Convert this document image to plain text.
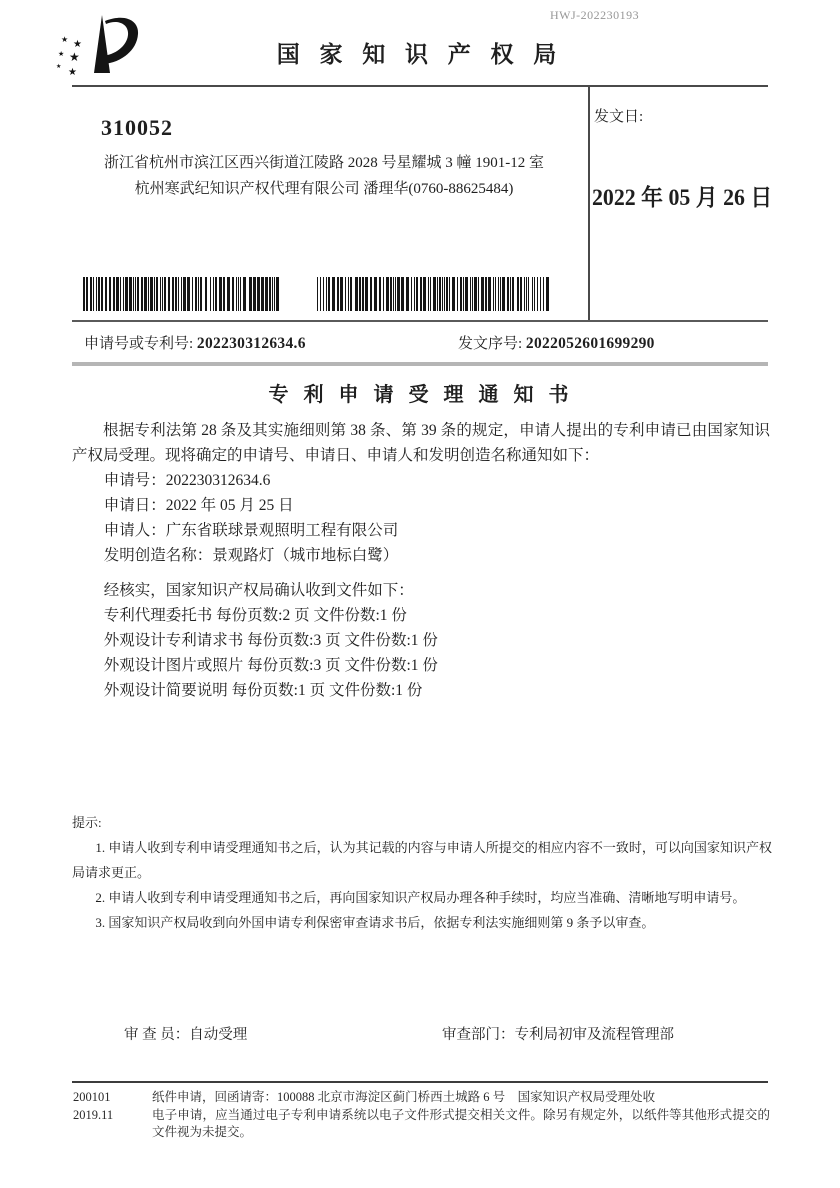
HWJ-202230193
★ ★
★ ★
★ ★
国 家 知 识 产 权 局
310052
浙江省杭州市滨江区西兴街道江陵路 2028 号星耀城 3 幢 1901-12 室
杭州寒武纪知识产权代理有限公司 潘理华(0760-88625484)
发文日:
2022 年 05 月 26 日
申请号或专利号: 202230312634.6	发文序号: 2022052601699290
专 利 申 请 受 理 通 知 书

根据专利法第 28 条及其实施细则第 38 条、第 39 条的规定，申请人提出的专利申请已由国家知识产权局受理。现将确定的申请号、申请日、申请人和发明创造名称通知如下：

申请号：202230312634.6
申请日：2022 年 05 月 25 日
申请人：广东省联球景观照明工程有限公司
发明创造名称：景观路灯（城市地标白鹭）
经核实，国家知识产权局确认收到文件如下：
专利代理委托书 每份页数:2 页 文件份数:1 份
外观设计专利请求书 每份页数:3 页 文件份数:1 份
外观设计图片或照片 每份页数:3 页 文件份数:1 份
外观设计简要说明 每份页数:1 页 文件份数:1 份

提示:

1. 申请人收到专利申请受理通知书之后，认为其记载的内容与申请人所提交的相应内容不一致时，可以向国家知识产权局请求更正。

2. 申请人收到专利申请受理通知书之后，再向国家知识产权局办理各种手续时，均应当准确、清晰地写明申请号。

3. 国家知识产权局收到向外国申请专利保密审查请求书后，依据专利法实施细则第 9 条予以审查。

审 查 员：自动受理	审查部门：专利局初审及流程管理部
200101
2019.11
纸件申请，回函请寄：100088 北京市海淀区蓟门桥西土城路 6 号　国家知识产权局受理处收
电子申请，应当通过电子专利申请系统以电子文件形式提交相关文件。除另有规定外，以纸件等其他形式提交的文件视为未提交。
